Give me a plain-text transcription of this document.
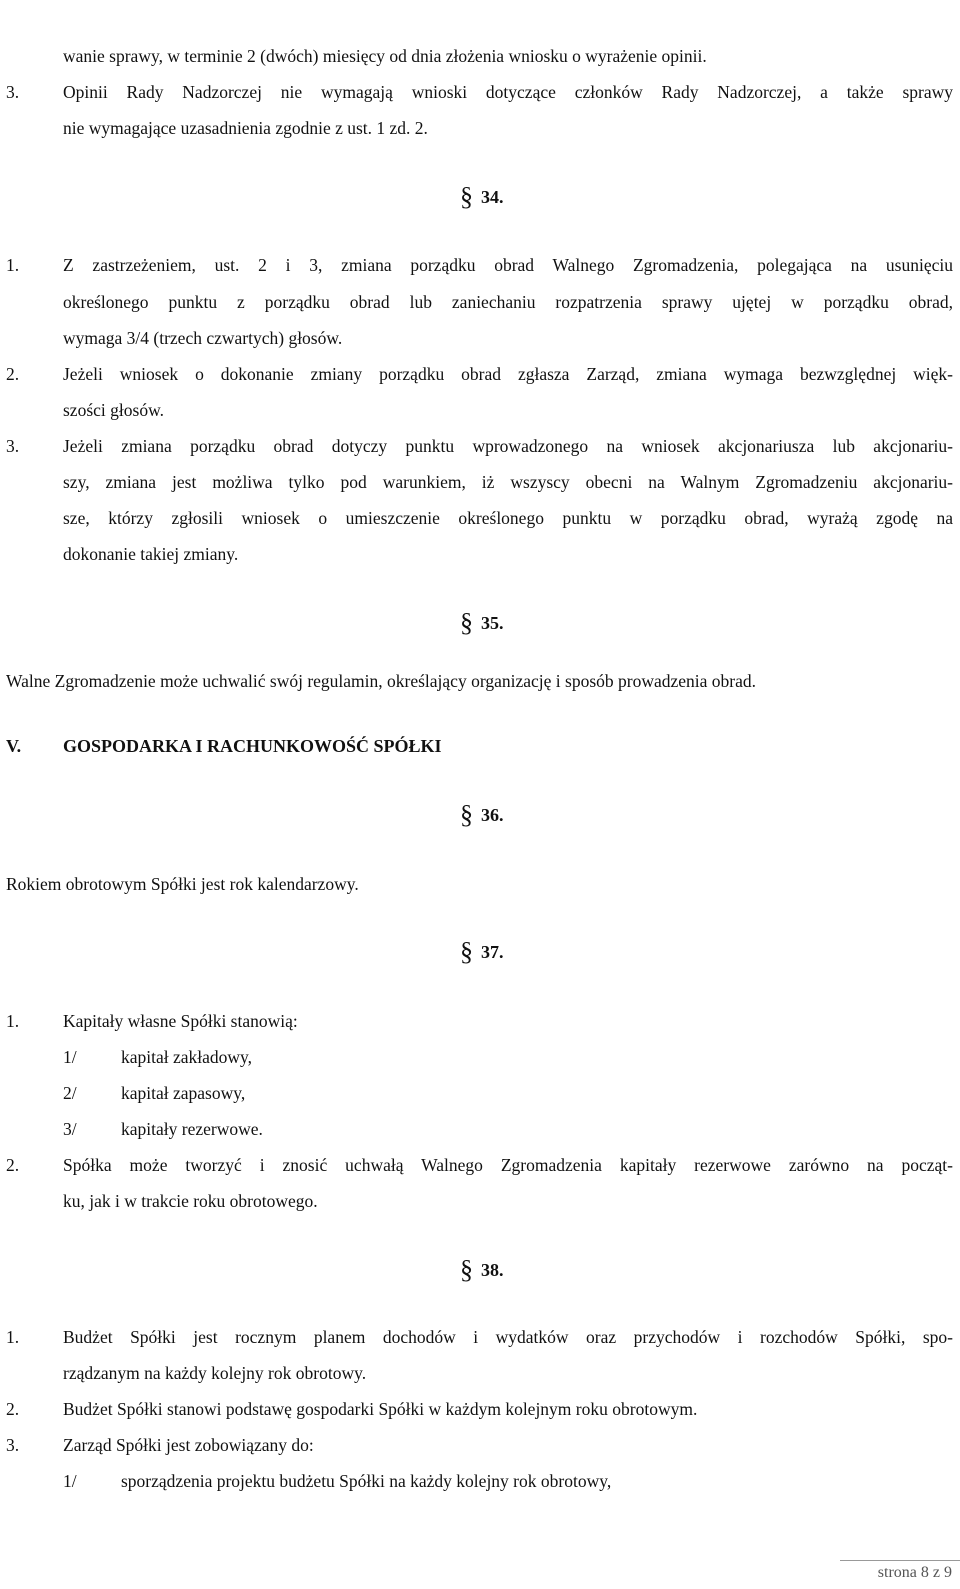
wanie sprawy, w terminie 2 (dwóch) miesięcy od dnia złożenia wniosku o wyrażenie opinii.
3.	Opinii Rady Nadzorczej nie wymagają wnioski dotyczące członków Rady Nadzorczej, a także sprawy
nie wymagające uzasadnienia zgodnie z ust. 1 zd. 2.
§ 34.
1.	Z zastrzeżeniem, ust. 2 i 3, zmiana porządku obrad Walnego Zgromadzenia, polegająca na usunięciu
określonego punktu z porządku obrad lub zaniechaniu rozpatrzenia sprawy ujętej w porządku obrad,
wymaga 3/4 (trzech czwartych) głosów.
2.	Jeżeli wniosek o dokonanie zmiany porządku obrad zgłasza Zarząd, zmiana wymaga bezwzględnej więk-
szości głosów.
3.	Jeżeli zmiana porządku obrad dotyczy punktu wprowadzonego na wniosek akcjonariusza lub akcjonariu-
szy, zmiana jest możliwa tylko pod warunkiem, iż wszyscy obecni na Walnym Zgromadzeniu akcjonariu-
sze, którzy zgłosili wniosek o umieszczenie określonego punktu w porządku obrad, wyrażą zgodę na
dokonanie takiej zmiany.
§ 35.
Walne Zgromadzenie może uchwalić swój regulamin, określający organizację i sposób prowadzenia obrad.
V. GOSPODARKA I RACHUNKOWOŚĆ SPÓŁKI
§ 36.
Rokiem obrotowym Spółki jest rok kalendarzowy.
§ 37.
1.	Kapitały własne Spółki stanowią:
1/	kapitał zakładowy,
2/	kapitał zapasowy,
3/	kapitały rezerwowe.
2.	Spółka może tworzyć i znosić uchwałą Walnego Zgromadzenia kapitały rezerwowe zarówno na począt-
ku, jak i w trakcie roku obrotowego.
§ 38.
1.	Budżet Spółki jest rocznym planem dochodów i wydatków oraz przychodów i rozchodów Spółki, spo-
rządzanym na każdy kolejny rok obrotowy.
2.	Budżet Spółki stanowi podstawę gospodarki Spółki w każdym kolejnym roku obrotowym.
3.	Zarząd Spółki jest zobowiązany do:
1/	sporządzenia projektu budżetu Spółki na każdy kolejny rok obrotowy,
strona 8 z 9
